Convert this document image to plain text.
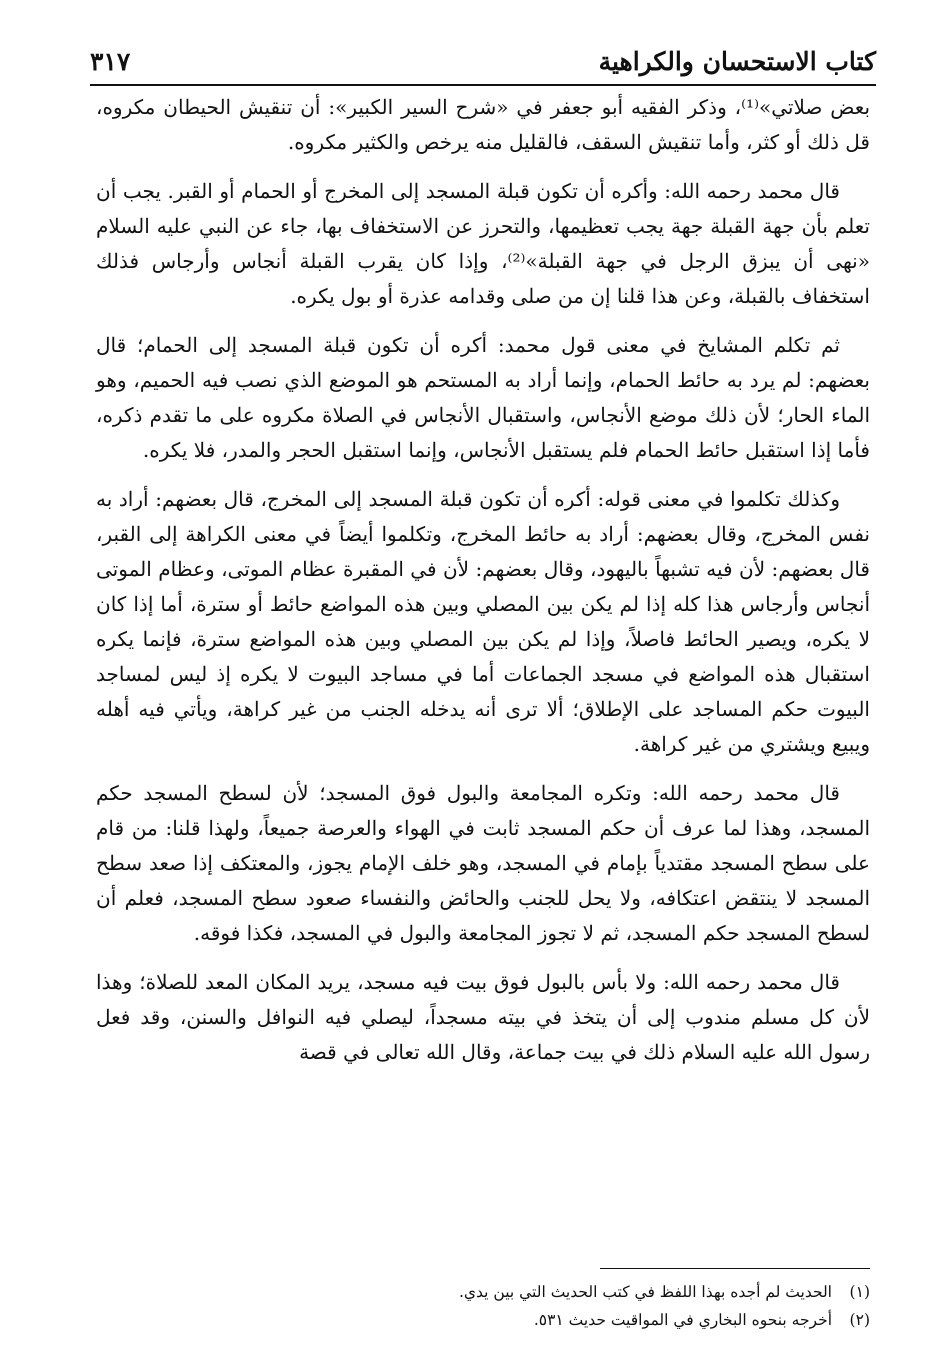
كتاب الاستحسان والكراهية
٣١٧

بعض صلاتي»⁽¹⁾، وذكر الفقيه أبو جعفر في «شرح السير الكبير»: أن تنقيش الحيطان مكروه، قل ذلك أو كثر، وأما تنقيش السقف، فالقليل منه يرخص والكثير مكروه.

قال محمد رحمه الله: وأكره أن تكون قبلة المسجد إلى المخرج أو الحمام أو القبر. يجب أن تعلم بأن جهة القبلة جهة يجب تعظيمها، والتحرز عن الاستخفاف بها، جاء عن النبي عليه السلام «نهى أن يبزق الرجل في جهة القبلة»⁽²⁾، وإذا كان يقرب القبلة أنجاس وأرجاس فذلك استخفاف بالقبلة، وعن هذا قلنا إن من صلى وقدامه عذرة أو بول يكره.

ثم تكلم المشايخ في معنى قول محمد: أكره أن تكون قبلة المسجد إلى الحمام؛ قال بعضهم: لم يرد به حائط الحمام، وإنما أراد به المستحم هو الموضع الذي نصب فيه الحميم، وهو الماء الحار؛ لأن ذلك موضع الأنجاس، واستقبال الأنجاس في الصلاة مكروه على ما تقدم ذكره، فأما إذا استقبل حائط الحمام فلم يستقبل الأنجاس، وإنما استقبل الحجر والمدر، فلا يكره.

وكذلك تكلموا في معنى قوله: أكره أن تكون قبلة المسجد إلى المخرج، قال بعضهم: أراد به نفس المخرج، وقال بعضهم: أراد به حائط المخرج، وتكلموا أيضاً في معنى الكراهة إلى القبر، قال بعضهم: لأن فيه تشبهاً باليهود، وقال بعضهم: لأن في المقبرة عظام الموتى، وعظام الموتى أنجاس وأرجاس هذا كله إذا لم يكن بين المصلي وبين هذه المواضع حائط أو سترة، أما إذا كان لا يكره، ويصير الحائط فاصلاً، وإذا لم يكن بين المصلي وبين هذه المواضع سترة، فإنما يكره استقبال هذه المواضع في مسجد الجماعات أما في مساجد البيوت لا يكره إذ ليس لمساجد البيوت حكم المساجد على الإطلاق؛ ألا ترى أنه يدخله الجنب من غير كراهة، ويأتي فيه أهله ويبيع ويشتري من غير كراهة.

قال محمد رحمه الله: وتكره المجامعة والبول فوق المسجد؛ لأن لسطح المسجد حكم المسجد، وهذا لما عرف أن حكم المسجد ثابت في الهواء والعرصة جميعاً، ولهذا قلنا: من قام على سطح المسجد مقتدياً بإمام في المسجد، وهو خلف الإمام يجوز، والمعتكف إذا صعد سطح المسجد لا ينتقض اعتكافه، ولا يحل للجنب والحائض والنفساء صعود سطح المسجد، فعلم أن لسطح المسجد حكم المسجد، ثم لا تجوز المجامعة والبول في المسجد، فكذا فوقه.

قال محمد رحمه الله: ولا بأس بالبول فوق بيت فيه مسجد، يريد المكان المعد للصلاة؛ وهذا لأن كل مسلم مندوب إلى أن يتخذ في بيته مسجداً، ليصلي فيه النوافل والسنن، وقد فعل رسول الله عليه السلام ذلك في بيت جماعة، وقال الله تعالى في قصة

(١)
الحديث لم أجده بهذا اللفظ في كتب الحديث التي بين يدي.
(٢)
أخرجه بنحوه البخاري في المواقيت حديث ٥٣١.
